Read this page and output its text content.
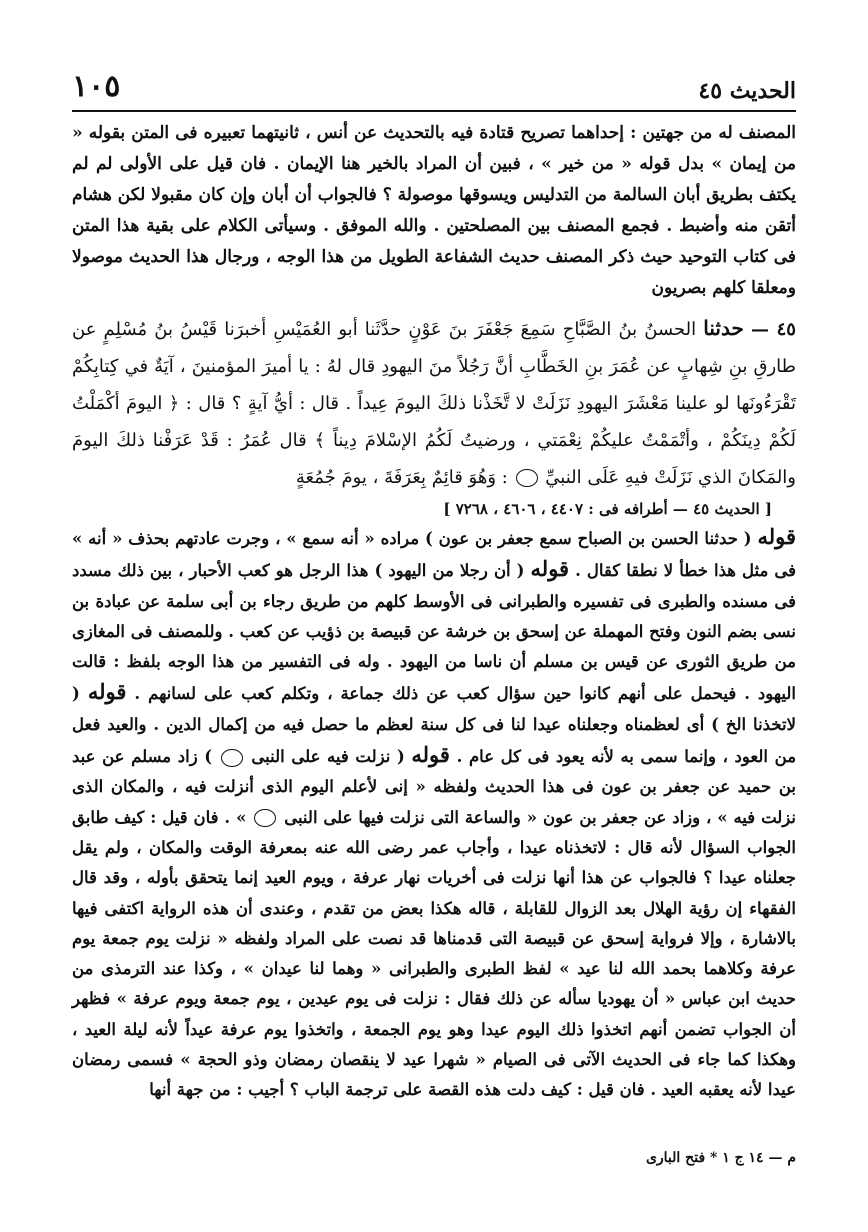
الحديث ٤٥
١٠٥

المصنف له من جهتين : إحداهما تصريح قتادة فيه بالتحديث عن أنس ، ثانيتهما تعبيره فى المتن بقوله « من إيمان » بدل قوله « من خير » ، فبين أن المراد بالخير هنا الإيمان . فان قيل على الأولى لم لم يكتف بطريق أبان السالمة من التدليس ويسوقها موصولة ؟ فالجواب أن أبان وإن كان مقبولا لكن هشام أتقن منه وأضبط . فجمع المصنف بين المصلحتين . والله الموفق . وسيأتى الكلام على بقية هذا المتن فى كتاب التوحيد حيث ذكر المصنف حديث الشفاعة الطويل من هذا الوجه ، ورجال هذا الحديث موصولا ومعلقا كلهم بصريون

٤٥ — حدثنا الحسنُ بنُ الصَّبَّاحِ سَمِعَ جَعْفَرَ بنَ عَوْنٍ حدَّثَنا أبو العُمَيْسِ أخبرَنا قَيْسُ بنُ مُسْلِمٍ عن طارقِ بنِ شِهابٍ عن عُمَرَ بنِ الخَطَّابِ أنَّ رَجُلاً منَ اليهودِ قال لهُ : يا أميرَ المؤمنينَ ، آيَةٌ في كِتابِكُمْ تَقْرَءُونَها لو علينا مَعْشَرَ اليهودِ نَزَلَتْ لا تَّخَذْنا ذلكَ اليومَ عِيداً . قال : أيُّ آيةٍ ؟ قال : ﴿ اليومَ أكْمَلْتُ لَكُمْ دِينَكُمْ ، وأتْمَمْتُ عليكُمْ نِعْمَتي ، ورضيتُ لَكُمُ الإسْلامَ دِيناً ﴾ قال عُمَرُ : قَدْ عَرَفْنا ذلكَ اليومَ والمَكانَ الذي نَزَلَتْ فيهِ عَلَى النبيِّ  : وَهُوَ قائِمٌ بِعَرَفَةَ ، يومَ جُمُعَةٍ

[ الحديث ٤٥ — أطرافه فى : ٤٤٠٧ ، ٤٦٠٦ ، ٧٢٦٨ ]

قوله ( حدثنا الحسن بن الصباح سمع جعفر بن عون ) مراده « أنه سمع » ، وجرت عادتهم بحذف « أنه » فى مثل هذا خطأ لا نطقا كقال . قوله ( أن رجلا من اليهود ) هذا الرجل هو كعب الأحبار ، بين ذلك مسدد فى مسنده والطبرى فى تفسيره والطبرانى فى الأوسط كلهم من طريق رجاء بن أبى سلمة عن عبادة بن نسى بضم النون وفتح المهملة عن إسحق بن خرشة عن قبيصة بن ذؤيب عن كعب . وللمصنف فى المغازى من طريق الثورى عن قيس بن مسلم أن ناسا من اليهود . وله فى التفسير من هذا الوجه بلفظ : قالت اليهود . فيحمل على أنهم كانوا حين سؤال كعب عن ذلك جماعة ، وتكلم كعب على لسانهم . قوله ( لاتخذنا الخ ) أى لعظمناه وجعلناه عيدا لنا فى كل سنة لعظم ما حصل فيه من إكمال الدين . والعيد فعل من العود ، وإنما سمى به لأنه يعود فى كل عام . قوله ( نزلت فيه على النبى  ) زاد مسلم عن عبد بن حميد عن جعفر بن عون فى هذا الحديث ولفظه « إنى لأعلم اليوم الذى أنزلت فيه ، والمكان الذى نزلت فيه » ، وزاد عن جعفر بن عون « والساعة التى نزلت فيها على النبى  » . فان قيل : كيف طابق الجواب السؤال لأنه قال : لاتخذناه عيدا ، وأجاب عمر رضى الله عنه بمعرفة الوقت والمكان ، ولم يقل جعلناه عيدا ؟ فالجواب عن هذا أنها نزلت فى أخريات نهار عرفة ، ويوم العيد إنما يتحقق بأوله ، وقد قال الفقهاء إن رؤية الهلال بعد الزوال للقابلة ، قاله هكذا بعض من تقدم ، وعندى أن هذه الرواية اكتفى فيها بالاشارة ، وإلا فرواية إسحق عن قبيصة التى قدمناها قد نصت على المراد ولفظه « نزلت يوم جمعة يوم عرفة وكلاهما بحمد الله لنا عيد » لفظ الطبرى والطبرانى « وهما لنا عيدان » ، وكذا عند الترمذى من حديث ابن عباس « أن يهوديا سأله عن ذلك فقال : نزلت فى يوم عيدين ، يوم جمعة ويوم عرفة » فظهر أن الجواب تضمن أنهم اتخذوا ذلك اليوم عيدا وهو يوم الجمعة ، واتخذوا يوم عرفة عيداً لأنه ليلة العيد ، وهكذا كما جاء فى الحديث الآتى فى الصيام « شهرا عيد لا ينقصان رمضان وذو الحجة » فسمى رمضان عيدا لأنه يعقبه العيد . فان قيل : كيف دلت هذه القصة على ترجمة الباب ؟ أجيب : من جهة أنها

م — ١٤ ج ١ * فتح البارى
